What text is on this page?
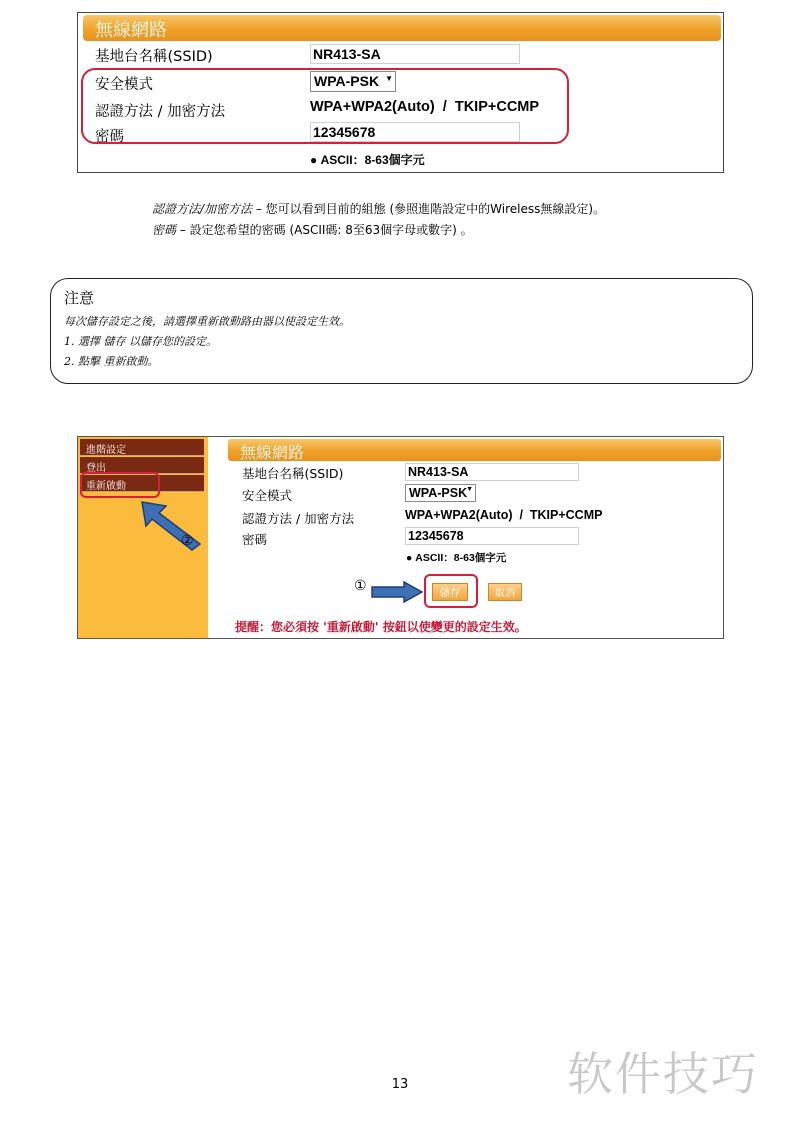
無線網路
基地台名稱(SSID)	NR413-SA
安全模式	WPA-PSK ▼
認證方法 / 加密方法	WPA+WPA2(Auto)  /  TKIP+CCMP
密碼	12345678
● ASCII：8-63個字元
認證方法/加密方法 – 您可以看到目前的組態 (參照進階設定中的Wireless無線設定)。
密碼 – 設定您希望的密碼 (ASCII碼: 8至63個字母或數字) 。
注意
每次儲存設定之後，請選擇重新啟動路由器以使設定生效。
1. 選擇 儲存 以儲存您的設定。
2. 點擊 重新啟動。
進階設定
登出
重新啟動
②
無線網路
基地台名稱(SSID)	NR413-SA
安全模式	WPA-PSK
▼
認證方法 / 加密方法	WPA+WPA2(Auto)  /  TKIP+CCMP
密碼	12345678
● ASCII：8-63個字元
①	儲存	取消
提醒：您必須按 '重新啟動' 按鈕以使變更的設定生效。
13	软件技巧
